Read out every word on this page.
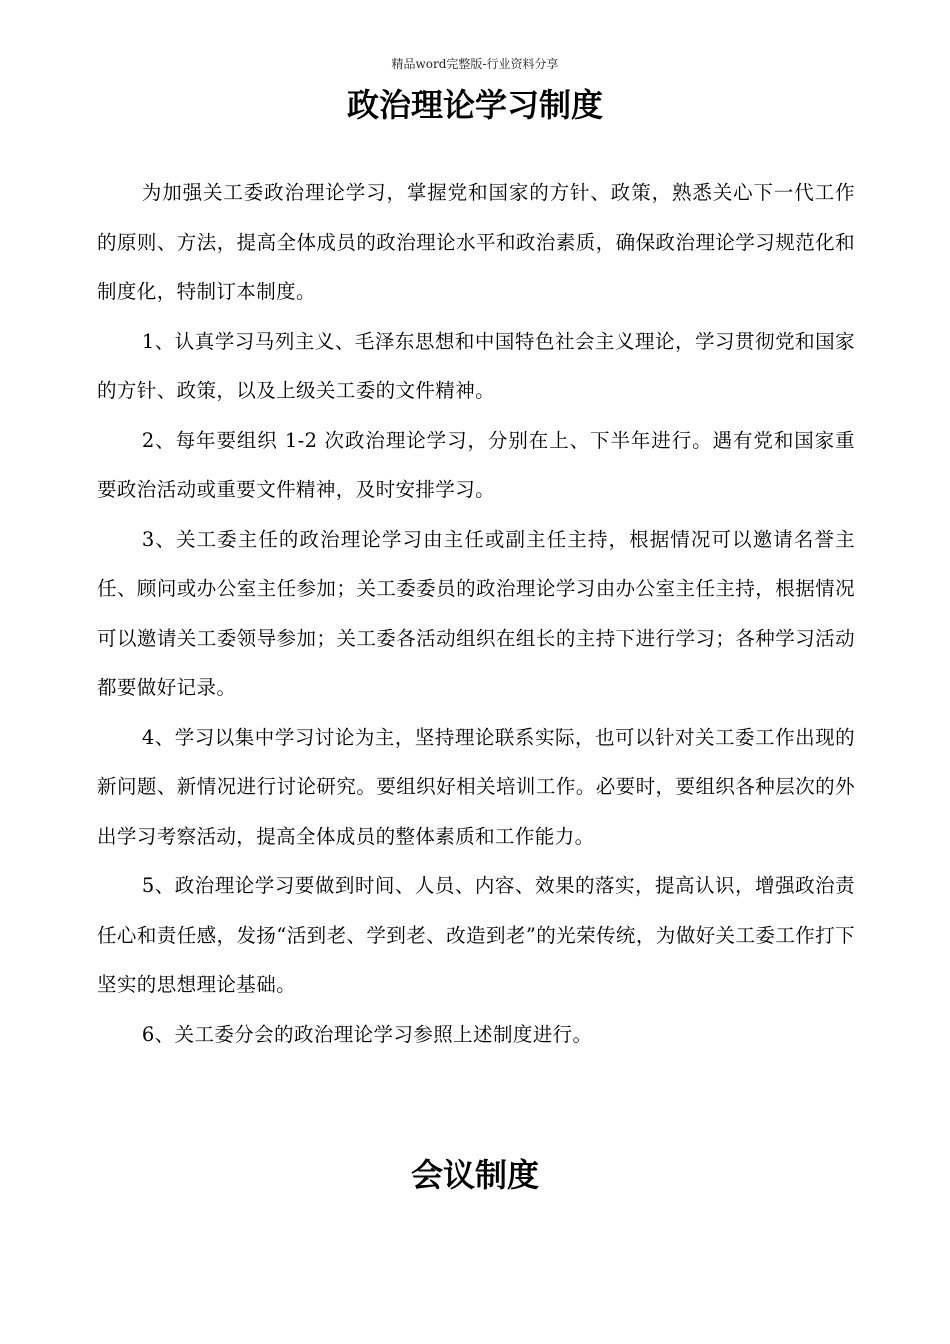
精品word完整版-行业资料分享
政治理论学习制度

为加强关工委政治理论学习，掌握党和国家的方针、政策，熟悉关心下一代工作的原则、方法，提高全体成员的政治理论水平和政治素质，确保政治理论学习规范化和制度化，特制订本制度。

1、认真学习马列主义、毛泽东思想和中国特色社会主义理论，学习贯彻党和国家的方针、政策，以及上级关工委的文件精神。

2、每年要组织 1-2 次政治理论学习，分别在上、下半年进行。遇有党和国家重要政治活动或重要文件精神，及时安排学习。

3、关工委主任的政治理论学习由主任或副主任主持，根据情况可以邀请名誉主任、顾问或办公室主任参加；关工委委员的政治理论学习由办公室主任主持，根据情况可以邀请关工委领导参加；关工委各活动组织在组长的主持下进行学习；各种学习活动都要做好记录。

4、学习以集中学习讨论为主，坚持理论联系实际，也可以针对关工委工作出现的新问题、新情况进行讨论研究。要组织好相关培训工作。必要时，要组织各种层次的外出学习考察活动，提高全体成员的整体素质和工作能力。

5、政治理论学习要做到时间、人员、内容、效果的落实，提高认识，增强政治责任心和责任感，发扬“活到老、学到老、改造到老”的光荣传统，为做好关工委工作打下坚实的思想理论基础。

6、关工委分会的政治理论学习参照上述制度进行。

会议制度
